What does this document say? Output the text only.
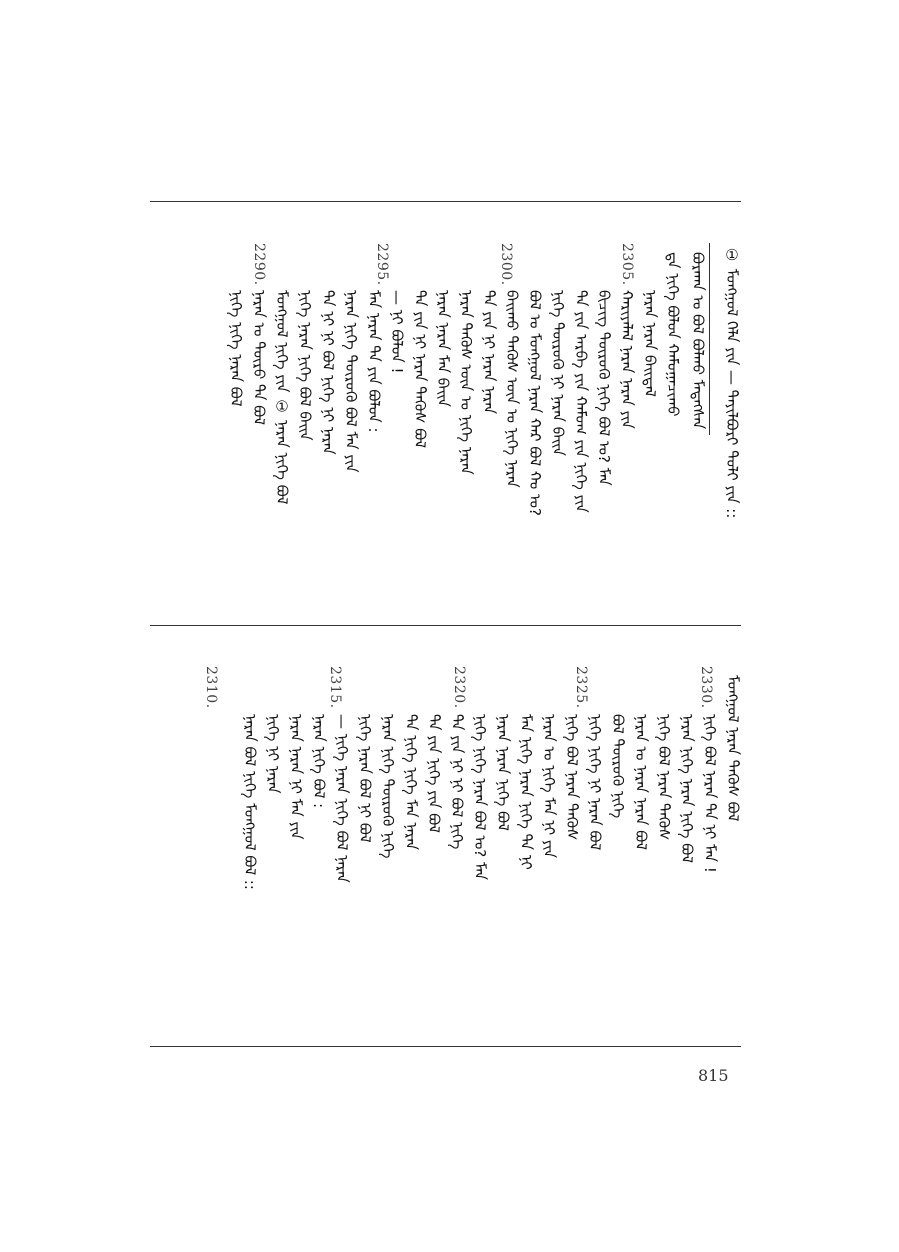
① ᠮᠣᠩᠭᠣᠯ ᠬᠡᠯᠡ ᠶᠢᠨ — ᠲᠠᠶᠢᠯᠪᠤᠷᠢ ᠲᠣᠯᠢ ᠶᠢᠨ ::
2305.
2300.
2295.
2290.	ᠪᠤᠷᠬᠠᠨ ᠤ ᠪᠣᠯ ᠪᠣᠯᠬᠤ ᠮᠡᠳᠡᠭᠰᠡᠨ
ᠳᠠ ᠨᠢᠭᠡ ᠪᠣᠯᠤᠨ ᠬᠠᠮᠤᠭᠠᠴᠢᠬᠤ
ᠨᠠᠷᠠᠨ ᠨᠠᠷᠠᠨ ᠪᠠᠢᠳᠠᠯ
ᠬᠠᠷᠢᠶᠠᠯᠠᠯ ᠨᠠᠷᠠᠨ ᠨᠠᠷᠠᠨ ᠶᠢᠨ
ᠪᠢᠴᠢᠭ ᠲᠦᠷᠦᠬᠦ ᠨᠢᠭᠡ ᠪᠣᠯ ᠤ? ᠮᠠᠨ
ᠲᠠ ᠶᠢᠨ ᠠᠷᠪᠠ ᠶᠢᠨ ᠬᠠᠮᠤᠭ ᠶᠢᠨ ᠨᠢᠭᠡ ᠶᠢᠨ
ᠨᠢᠭᠡ ᠲᠦᠷᠦᠬᠦ ᠨᠢ ᠨᠠᠷᠠᠨ ᠪᠠᠢᠨ
ᠪᠣᠯ ᠤ ᠮᠣᠩᠭᠣᠯ ᠨᠠᠷᠠᠨ ᠬᠠᠷ ᠪᠣᠯ ᠬᠤ ᠤ?
ᠪᠠᠢᠬᠤ ᠲᠡᠭᠦᠰ ᠦᠨ ᠤ ᠨᠢᠭᠡ ᠨᠠᠷᠠᠨ
ᠲᠠ ᠶᠢᠨ ᠨᠢ ᠨᠠᠷᠠᠨ ᠨᠠᠷᠠᠨ
ᠨᠠᠷᠠᠨ ᠲᠡᠭᠦᠰ ᠦᠨ ᠤ ᠨᠢᠭᠡ ᠨᠠᠷᠠᠨ
ᠨᠠᠷᠠᠨ ᠨᠠᠷᠠᠨ ᠮᠠᠨ ᠪᠠᠢᠨ
ᠲᠠ ᠶᠢᠨ ᠨᠢ ᠨᠠᠷᠠᠨ ᠲᠡᠭᠦᠰ ᠪᠣᠯ
— ᠨᠢ ᠪᠣᠯᠣᠨ !
ᠮᠠᠨ ᠨᠠᠷᠠᠨ ᠲᠡ ᠶᠢᠨ ᠪᠣᠯᠣᠨ :
ᠨᠠᠷᠠᠨ ᠨᠢᠭᠡ ᠲᠦᠷᠦᠬᠦ ᠪᠣᠯ ᠮᠠᠨ ᠶᠢᠨ
ᠲᠠ ᠨᠢ ᠨᠢ ᠪᠣᠯ ᠨᠢᠭᠡ ᠨᠢ ᠨᠠᠷᠠᠨ
ᠨᠢᠭᠡ ᠨᠠᠷᠠᠨ ᠨᠢᠭᠡ ᠪᠣᠯ ᠪᠠᠢᠨ
ᠮᠣᠩᠭᠣᠯ ᠨᠢᠭᠡ ᠶᠢᠨ ① ᠨᠠᠷᠠᠨ ᠨᠢᠭᠡ ᠪᠣᠯ
ᠨᠠᠷᠠᠨ ᠤ ᠲᠦᠷᠦ ᠲᠠ ᠪᠣᠯ
ᠨᠢᠭᠡ ᠨᠢᠭᠡ ᠨᠠᠷᠠᠨ ᠪᠣᠯ
2330.
2325.
2320.
2315.
2310.	ᠮᠣᠩᠭᠣᠯ ᠨᠠᠷᠠᠨ ᠲᠡᠭᠦᠰ ᠪᠣᠯ
ᠨᠢᠭᠡ ᠪᠣᠯ ᠨᠠᠷᠠᠨ ᠲᠠ ᠨᠢ ᠮᠠᠨ !
ᠨᠠᠷᠠᠨ ᠨᠢᠭᠡ ᠨᠠᠷᠠᠨ ᠨᠢᠭᠡ ᠪᠣᠯ
ᠨᠢᠭᠡ ᠪᠣᠯ ᠨᠠᠷᠠᠨ ᠲᠡᠭᠦᠰ
ᠨᠠᠷᠠᠨ ᠤ ᠨᠠᠷᠠᠨ ᠨᠠᠷᠠᠨ ᠪᠣᠯ
ᠪᠣᠯ ᠲᠦᠷᠦᠬᠦ ᠨᠢᠭᠡ
ᠨᠢᠭᠡ ᠨᠢᠭᠡ ᠨᠢ ᠨᠠᠷᠠᠨ ᠪᠣᠯ
ᠨᠢᠭᠡ ᠪᠣᠯ ᠨᠠᠷᠠᠨ ᠲᠡᠭᠦᠰ
ᠨᠠᠷᠠᠨ ᠤ ᠨᠢᠭᠡ ᠮᠠᠨ ᠨᠢ ᠶᠢᠨ
ᠮᠠᠨ ᠨᠢᠭᠡ ᠨᠠᠷᠠᠨ ᠨᠢᠭᠡ ᠲᠠ ᠨᠢ
ᠨᠠᠷᠠᠨ ᠨᠠᠷᠠᠨ ᠨᠢᠭᠡ ᠪᠣᠯ
ᠨᠢᠭᠡ ᠨᠢᠭᠡ ᠨᠠᠷᠠᠨ ᠪᠣᠯ ᠤ? ᠮᠠᠨ
ᠲᠠ ᠶᠢᠨ ᠨᠢ ᠨᠢ ᠪᠣᠯ ᠨᠢᠭᠡ
ᠲᠠ ᠶᠢᠨ ᠨᠢᠭᠡ ᠶᠢᠨ ᠪᠣᠯ
ᠲᠠ ᠨᠢᠭᠡ ᠨᠢᠭᠡ ᠮᠠᠨ ᠨᠠᠷᠠᠨ
ᠨᠠᠷᠠᠨ ᠨᠢᠭᠡ ᠲᠦᠷᠦᠬᠦ ᠨᠢᠭᠡ
ᠨᠢᠭᠡ ᠨᠠᠷᠠᠨ ᠪᠣᠯ ᠨᠢ ᠪᠣᠯ
— ᠨᠢᠭᠡ ᠨᠠᠷᠠᠨ ᠨᠢᠭᠡ ᠪᠣᠯ ᠨᠠᠷᠠᠨ
ᠨᠠᠷᠠᠨ ᠨᠢᠭᠡ ᠪᠣᠯ :
ᠨᠠᠷᠠᠨ ᠨᠠᠷᠠᠨ ᠨᠢ ᠮᠠᠨ ᠶᠢᠨ
ᠨᠢᠭᠡ ᠨᠢ ᠨᠠᠷᠠᠨ
ᠨᠠᠷᠠᠨ ᠪᠣᠯ ᠨᠢᠭᠡ ᠮᠣᠩᠭᠣᠯ ᠪᠣᠯ ::
815
